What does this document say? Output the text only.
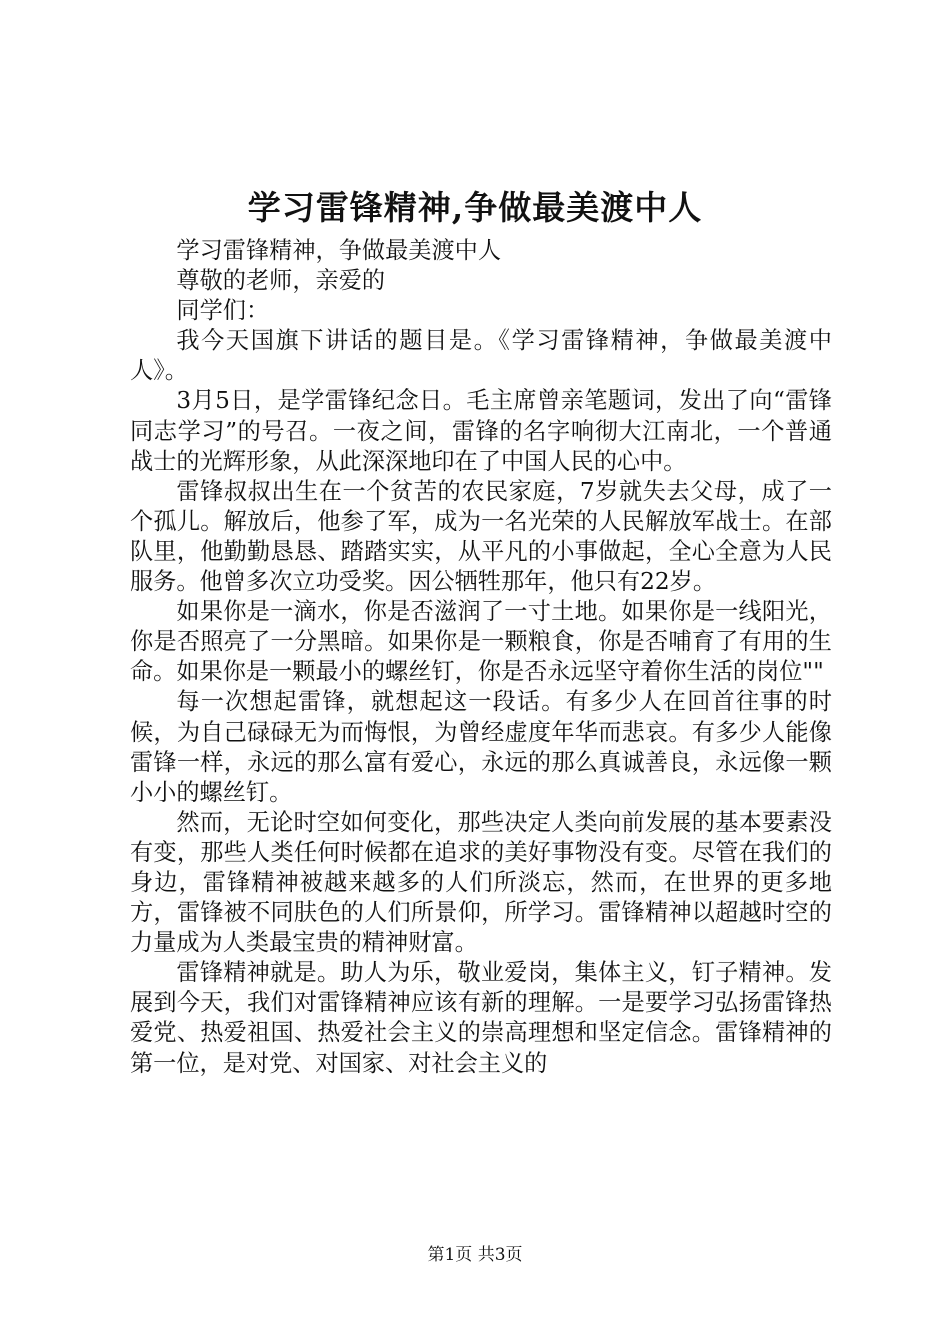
学习雷锋精神,争做最美渡中人

学习雷锋精神，争做最美渡中人

尊敬的老师，亲爱的

同学们：

我今天国旗下讲话的题目是。《学习雷锋精神，争做最美渡中人》。

3月5日，是学雷锋纪念日。毛主席曾亲笔题词，发出了向“雷锋同志学习”的号召。一夜之间，雷锋的名字响彻大江南北，一个普通战士的光辉形象，从此深深地印在了中国人民的心中。

雷锋叔叔出生在一个贫苦的农民家庭，7岁就失去父母，成了一个孤儿。解放后，他参了军，成为一名光荣的人民解放军战士。在部队里，他勤勤恳恳、踏踏实实，从平凡的小事做起，全心全意为人民服务。他曾多次立功受奖。因公牺牲那年，他只有22岁。

如果你是一滴水，你是否滋润了一寸土地。如果你是一线阳光，你是否照亮了一分黑暗。如果你是一颗粮食，你是否哺育了有用的生命。如果你是一颗最小的螺丝钉，你是否永远坚守着你生活的岗位""

每一次想起雷锋，就想起这一段话。有多少人在回首往事的时候，为自己碌碌无为而悔恨，为曾经虚度年华而悲哀。有多少人能像雷锋一样，永远的那么富有爱心，永远的那么真诚善良，永远像一颗小小的螺丝钉。

然而，无论时空如何变化，那些决定人类向前发展的基本要素没有变，那些人类任何时候都在追求的美好事物没有变。尽管在我们的身边，雷锋精神被越来越多的人们所淡忘，然而，在世界的更多地方，雷锋被不同肤色的人们所景仰，所学习。雷锋精神以超越时空的力量成为人类最宝贵的精神财富。

雷锋精神就是。助人为乐，敬业爱岗，集体主义，钉子精神。发展到今天，我们对雷锋精神应该有新的理解。一是要学习弘扬雷锋热爱党、热爱祖国、热爱社会主义的崇高理想和坚定信念。雷锋精神的第一位，是对党、对国家、对社会主义的

第1页 共3页
